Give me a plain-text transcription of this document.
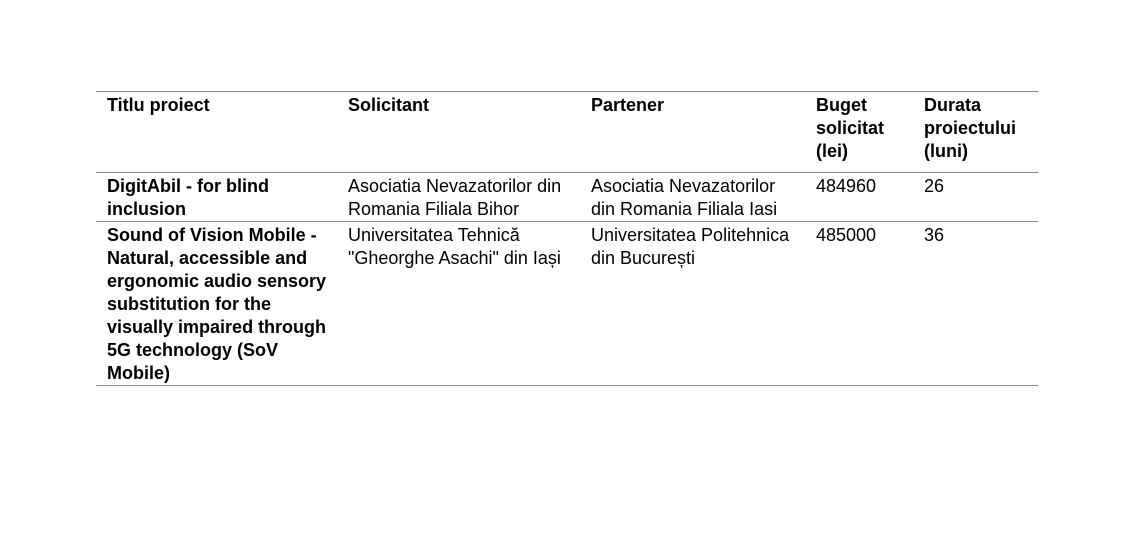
Titlu proiect	Solicitant	Partener	Buget solicitat (lei)	Durata proiectului (luni)
DigitAbil - for blind inclusion	Asociatia Nevazatorilor din Romania Filiala Bihor	Asociatia Nevazatorilor din Romania Filiala Iasi	484960	26
Sound of Vision Mobile - Natural, accessible and ergonomic audio sensory substitution for the visually impaired through 5G technology (SoV Mobile)	Universitatea Tehnică "Gheorghe Asachi" din Iași	Universitatea Politehnica din București	485000	36
